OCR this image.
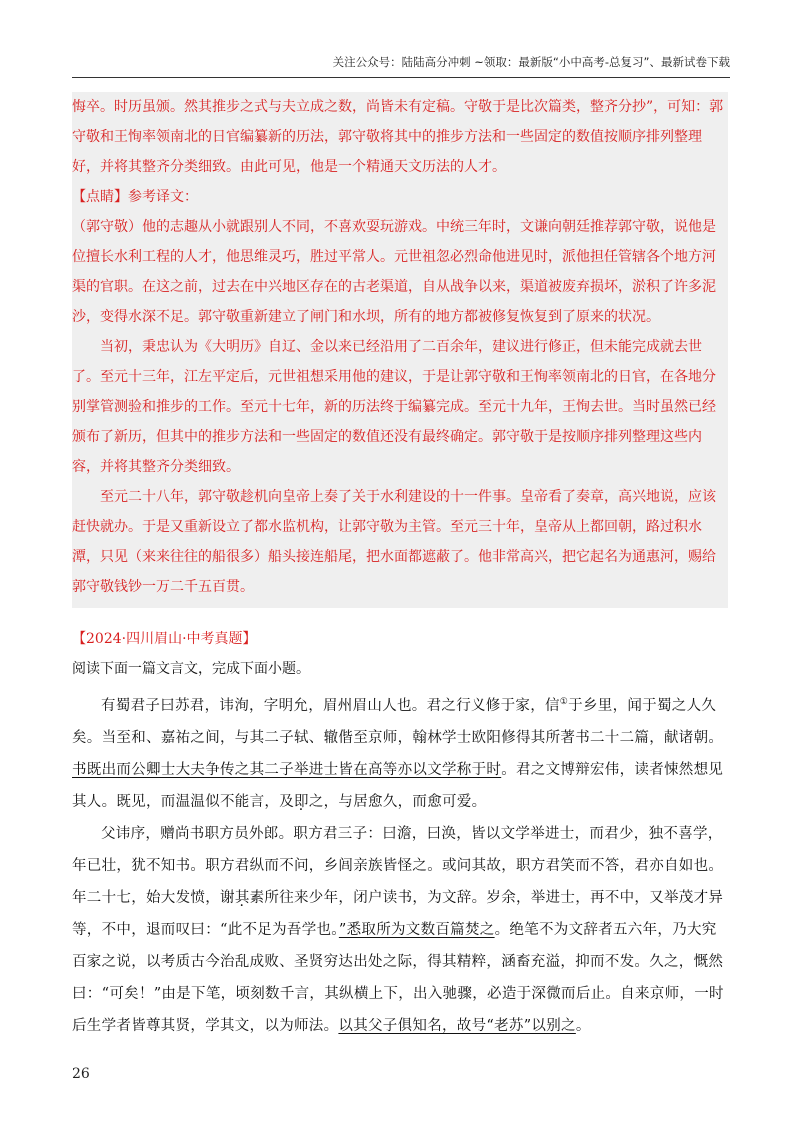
关注公众号：陆陆高分冲刺 ~领取：最新版“小中高考-总复习”、最新试卷下载

悔卒。时历虽颁。然其推步之式与夫立成之数，尚皆未有定稿。守敬于是比次篇类，整齐分抄”，可知：郭守敬和王恂率领南北的日官编纂新的历法，郭守敬将其中的推步方法和一些固定的数值按顺序排列整理好，并将其整齐分类细致。由此可见，他是一个精通天文历法的人才。

【点睛】参考译文：

（郭守敬）他的志趣从小就跟别人不同，不喜欢耍玩游戏。中统三年时，文谦向朝廷推荐郭守敬，说他是位擅长水利工程的人才，他思维灵巧，胜过平常人。元世祖忽必烈命他进见时，派他担任管辖各个地方河渠的官职。在这之前，过去在中兴地区存在的古老渠道，自从战争以来，渠道被废弃损坏，淤积了许多泥沙，变得水深不足。郭守敬重新建立了闸门和水坝，所有的地方都被修复恢复到了原来的状况。

当初，秉忠认为《大明历》自辽、金以来已经沿用了二百余年，建议进行修正，但未能完成就去世了。至元十三年，江左平定后，元世祖想采用他的建议，于是让郭守敬和王恂率领南北的日官，在各地分别掌管测验和推步的工作。至元十七年，新的历法终于编纂完成。至元十九年，王恂去世。当时虽然已经颁布了新历，但其中的推步方法和一些固定的数值还没有最终确定。郭守敬于是按顺序排列整理这些内容，并将其整齐分类细致。

至元二十八年，郭守敬趁机向皇帝上奏了关于水利建设的十一件事。皇帝看了奏章，高兴地说，应该赶快就办。于是又重新设立了都水监机构，让郭守敬为主管。至元三十年，皇帝从上都回朝，路过积水潭，只见（来来往往的船很多）船头接连船尾，把水面都遮蔽了。他非常高兴，把它起名为通惠河，赐给郭守敬钱钞一万二千五百贯。

【2024·四川眉山·中考真题】
阅读下面一篇文言文，完成下面小题。

有蜀君子曰苏君，讳洵，字明允，眉州眉山人也。君之行义修于家，信①于乡里，闻于蜀之人久矣。当至和、嘉祐之间，与其二子轼、辙偕至京师，翰林学士欧阳修得其所著书二十二篇，献诸朝。书既出而公卿士大夫争传之其二子举进士皆在高等亦以文学称于时。君之文博辩宏伟，读者悚然想见其人。既见，而温温似不能言，及即之，与居愈久，而愈可爱。

父讳序，赠尚书职方员外郎。职方君三子：曰澹，曰涣，皆以文学举进士，而君少，独不喜学，年已壮，犹不知书。职方君纵而不问，乡闾亲族皆怪之。或问其故，职方君笑而不答，君亦自如也。年二十七，始大发愤，谢其素所往来少年，闭户读书，为文辞。岁余，举进士，再不中，又举茂才异等，不中，退而叹曰：“此不足为吾学也。”悉取所为文数百篇焚之。绝笔不为文辞者五六年，乃大究百家之说，以考质古今治乱成败、圣贤穷达出处之际，得其精粹，涵畜充溢，抑而不发。久之，慨然曰：“可矣！”由是下笔，顷刻数千言，其纵横上下，出入驰骤，必造于深微而后止。自来京师，一时后生学者皆尊其贤，学其文，以为师法。以其父子俱知名，故号“老苏”以别之。

26
